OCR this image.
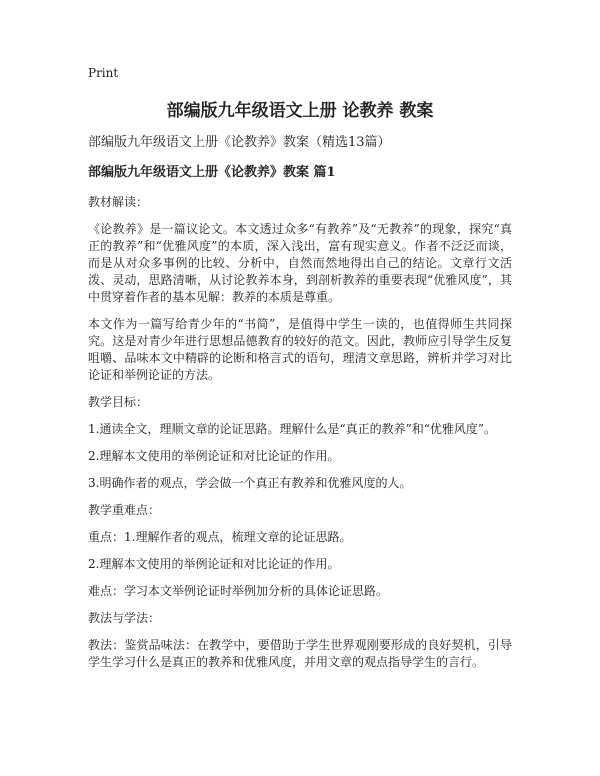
Print
部编版九年级语文上册 论教养 教案
部编版九年级语文上册《论教养》教案（精选13篇）
部编版九年级语文上册《论教养》教案 篇1
教材解读：
《论教养》是一篇议论文。本文透过众多“有教养”及“无教养”的现象，探究“真正的教养”和“优雅风度”的本质，深入浅出，富有现实意义。作者不泛泛而谈，而是从对众多事例的比较、分析中，自然而然地得出自己的结论。文章行文活泼、灵动，思路清晰，从讨论教养本身，到剖析教养的重要表现“优雅风度”，其中贯穿着作者的基本见解：教养的本质是尊重。
本文作为一篇写给青少年的“书简”，是值得中学生一读的，也值得师生共同探究。这是对青少年进行思想品德教育的较好的范文。因此，教师应引导学生反复咀嚼、品味本文中精辟的论断和格言式的语句，理清文章思路，辨析并学习对比论证和举例论证的方法。
教学目标：
1.通读全文，理顺文章的论证思路。理解什么是“真正的教养”和“优雅风度”。
2.理解本文使用的举例论证和对比论证的作用。
3.明确作者的观点，学会做一个真正有教养和优雅风度的人。
教学重难点：
重点：1.理解作者的观点，梳理文章的论证思路。
2.理解本文使用的举例论证和对比论证的作用。
难点：学习本文举例论证时举例加分析的具体论证思路。
教法与学法：
教法：鉴赏品味法：在教学中，要借助于学生世界观刚要形成的良好契机，引导学生学习什么是真正的教养和优雅风度，并用文章的观点指导学生的言行。
